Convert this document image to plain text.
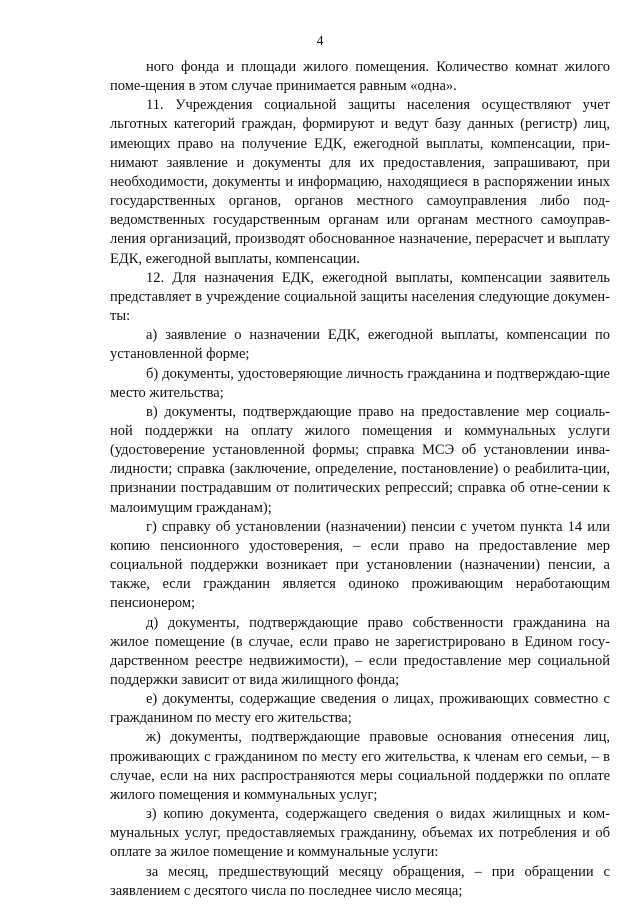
4

ного фонда и площади жилого помещения. Количество комнат жилого поме-щения в этом случае принимается равным «одна».

11. Учреждения социальной защиты населения осуществляют учет льготных категорий граждан, формируют и ведут базу данных (регистр) лиц, имеющих право на получение ЕДК, ежегодной выплаты, компенсации, при-нимают заявление и документы для их предоставления, запрашивают, при необходимости, документы и информацию, находящиеся в распоряжении иных государственных органов, органов местного самоуправления либо под-ведомственных государственным органам или органам местного самоуправ-ления организаций, производят обоснованное назначение, перерасчет и выплату ЕДК, ежегодной выплаты, компенсации.

12. Для назначения ЕДК, ежегодной выплаты, компенсации заявитель представляет в учреждение социальной защиты населения следующие докумен-ты:

а) заявление о назначении ЕДК, ежегодной выплаты, компенсации по установленной форме;

б) документы, удостоверяющие личность гражданина и подтверждаю-щие место жительства;

в) документы, подтверждающие право на предоставление мер социаль-ной поддержки на оплату жилого помещения и коммунальных услуги (удостоверение установленной формы; справка МСЭ об установлении инва-лидности; справка (заключение, определение, постановление) о реабилита-ции, признании пострадавшим от политических репрессий; справка об отне-сении к малоимущим гражданам);

г) справку об установлении (назначении) пенсии с учетом пункта 14 или копию пенсионного удостоверения, – если право на предоставление мер социальной поддержки возникает при установлении (назначении) пенсии, а также, если гражданин является одиноко проживающим неработающим пенсионером;

д) документы, подтверждающие право собственности гражданина на жилое помещение (в случае, если право не зарегистрировано в Едином госу-дарственном реестре недвижимости), – если предоставление мер социальной поддержки зависит от вида жилищного фонда;

е) документы, содержащие сведения о лицах, проживающих совместно с гражданином по месту его жительства;

ж) документы, подтверждающие правовые основания отнесения лиц, проживающих с гражданином по месту его жительства, к членам его семьи, – в случае, если на них распространяются меры социальной поддержки по оплате жилого помещения и коммунальных услуг;

з) копию документа, содержащего сведения о видах жилищных и ком-мунальных услуг, предоставляемых гражданину, объемах их потребления и об оплате за жилое помещение и коммунальные услуги:

за месяц, предшествующий месяцу обращения, – при обращении с заявлением с десятого числа по последнее число месяца;
